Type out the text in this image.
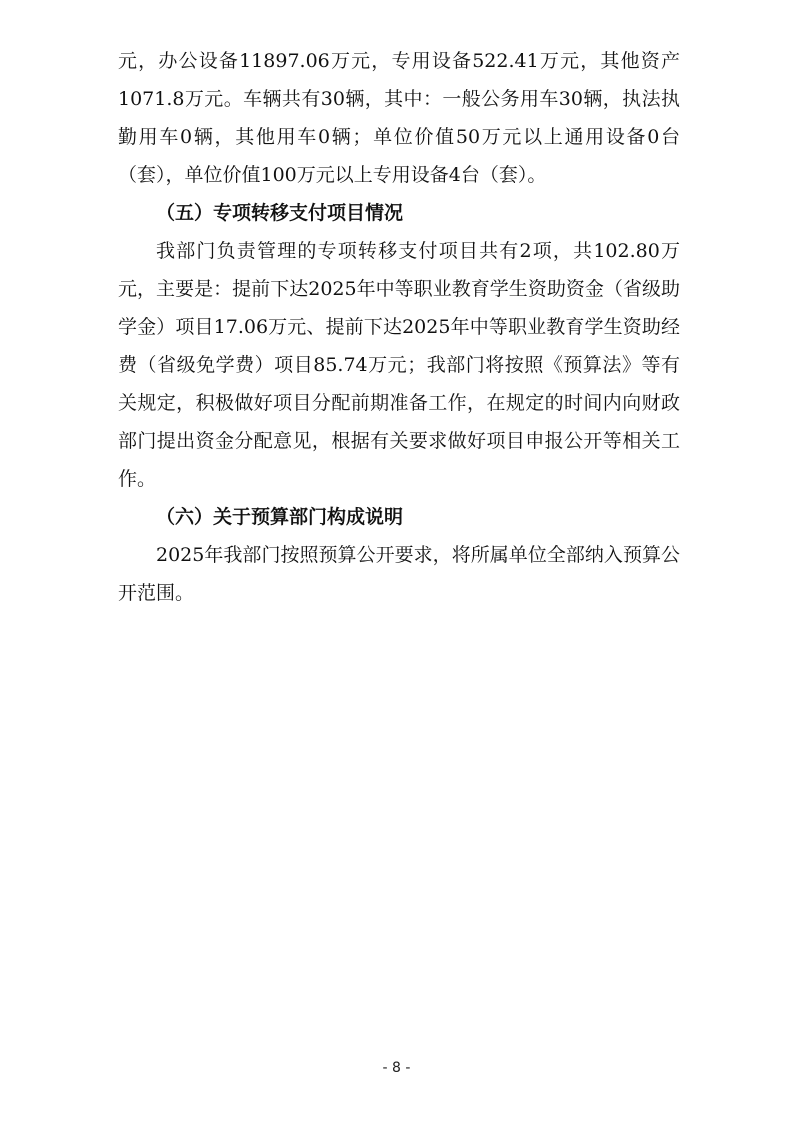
元，办公设备11897.06万元，专用设备522.41万元，其他资产1071.8万元。车辆共有30辆，其中：一般公务用车30辆，执法执勤用车0辆，其他用车0辆；单位价值50万元以上通用设备0台（套），单位价值100万元以上专用设备4台（套）。

（五）专项转移支付项目情况

我部门负责管理的专项转移支付项目共有2项，共102.80万元，主要是：提前下达2025年中等职业教育学生资助资金（省级助学金）项目17.06万元、提前下达2025年中等职业教育学生资助经费（省级免学费）项目85.74万元；我部门将按照《预算法》等有关规定，积极做好项目分配前期准备工作，在规定的时间内向财政部门提出资金分配意见，根据有关要求做好项目申报公开等相关工作。

（六）关于预算部门构成说明

2025年我部门按照预算公开要求，将所属单位全部纳入预算公开范围。

- 8 -
